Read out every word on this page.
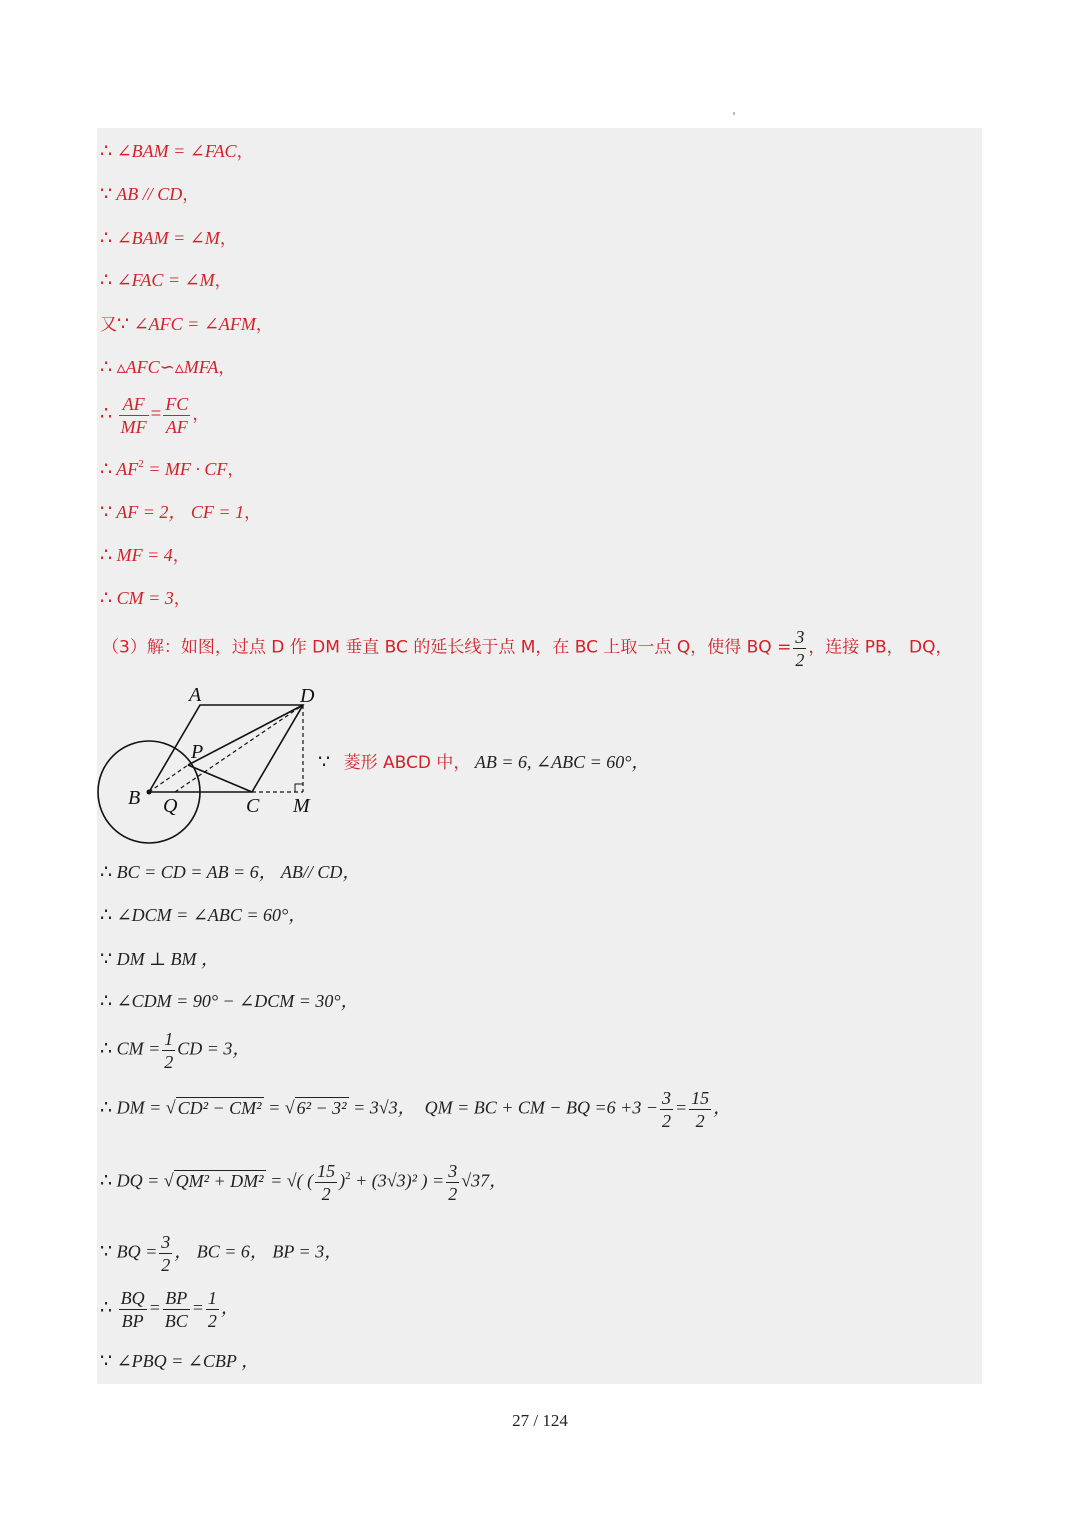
∴ ∠BAM = ∠FAC，
∵ AB // CD，
∴ ∠BAM = ∠M，
∴ ∠FAC = ∠M，
又∵ ∠AFC = ∠AFM，
∴ ▵AFC∽▵MFA，
∴ $\frac{AF}{MF} = \frac{FC}{AF}$ ，
∴ $AF^2$ = MF · CF，
∵ AF = 2， CF = 1，
∴ MF = 4，
∴ CM = 3，
（3）解：如图，过点 D 作 DM 垂直 BC 的延长线于点 M，在 BC 上取一点 Q，使得 BQ = $\frac{3}{2}$ ，连接 PB， DQ，
A	D
P
B Q	C M
∵ 菱形 ABCD 中， AB = 6, ∠ABC = 60°，
∴ BC = CD = AB = 6， AB// CD，
∴ ∠DCM = ∠ABC = 60°，
∵ DM ⊥ BM ，
∴ ∠CDM = 90° − ∠DCM = 30°，
∴ CM = $\frac{1}{2}$ CD = 3，
∴ DM = √ CD² − CM² = √ 6² − 3² = 3√3， QM = BC + CM − BQ $=6 +3 - \frac{3}{2} = \frac{15}{2}$ ，
∴ DQ = √ QM² + DM² = √( ( $\frac{15}{2} )^2 + (3√3)^2$ ) = $\frac{3}{2} √37$，
∵ BQ = $\frac{3}{2}$ ， BC = 6， BP = 3，
∴ $\frac{BQ}{BP} = \frac{BP}{BC} = \frac{1}{2}$ ，
∵ ∠PBQ = ∠CBP ，
27 / 124
